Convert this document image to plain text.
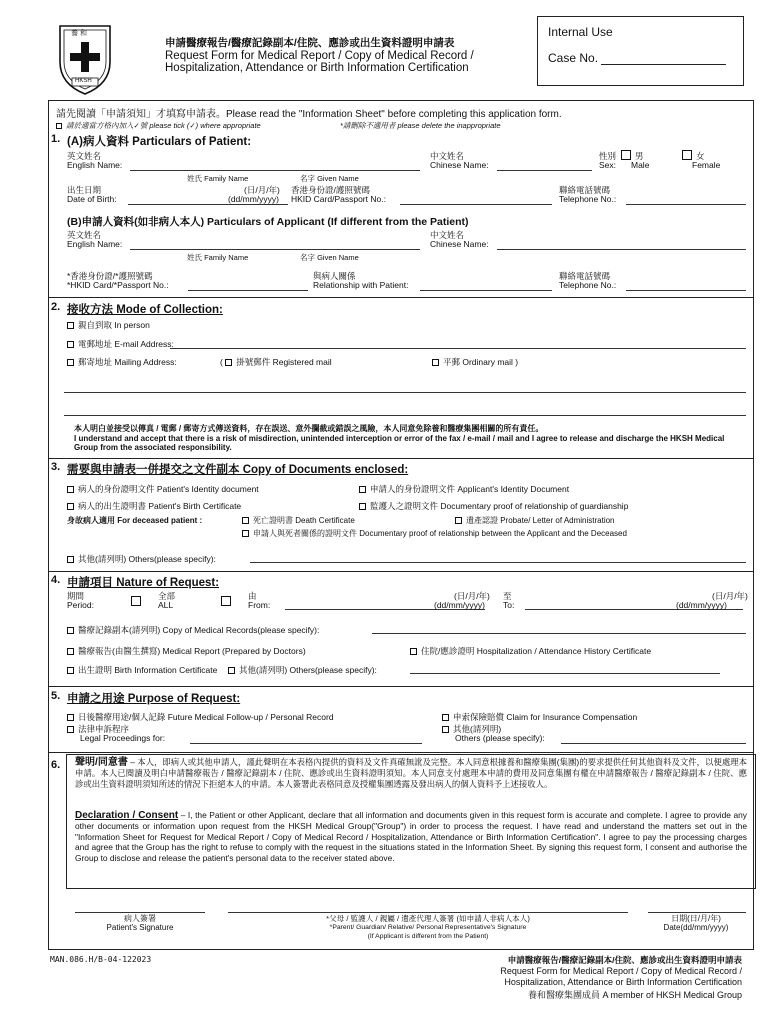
養 和
HKSH
申請醫療報告/醫療記錄副本/住院、應診或出生資料證明申請表
Request Form for Medical Report / Copy of Medical Record / Hospitalization, Attendance or Birth Information Certification
Internal Use
Case No.
請先閱讀「申請須知」才填寫申請表。Please read the "Information Sheet" before completing this application form.
請於適當方格內加入✓號 please tick (✓) where appropriate	*請刪除不適用者 please delete the inappropriate
1. (A)病人資料 Particulars of Patient:
英文姓名
English Name:
姓氏 Family Name	名字 Given Name
中文姓名
Chinese Name:
性別
Sex:
男
Male
女
Female
出生日期
Date of Birth:
(日/月/年)
(dd/mm/yyyy)
香港身份證/護照號碼
HKID Card/Passport No.:
聯絡電話號碼
Telephone No.:
(B)申請人資料(如非病人本人) Particulars of Applicant (If different from the Patient)
英文姓名
English Name:
姓氏 Family Name	名字 Given Name
中文姓名
Chinese Name:
*香港身份證/*護照號碼
*HKID Card/*Passport No.:
與病人關係
Relationship with Patient:
聯絡電話號碼
Telephone No.:
2. 接收方法 Mode of Collection:
親自到取 In person
電郵地址 E-mail Address:
郵寄地址 Mailing Address:	( 掛號郵件 Registered mail	平郵 Ordinary mail )
本人明白並接受以傳真 / 電郵 / 郵寄方式傳送資料，存在誤送、意外攔截或錯誤之風險，本人同意免除養和醫療集團相關的所有責任。
I understand and accept that there is a risk of misdirection, unintended interception or error of the fax / e-mail / mail and I agree to release and discharge the HKSH Medical Group from the associated responsibility.
3. 需要與申請表一併提交之文件副本 Copy of Documents enclosed:
病人的身份證明文件 Patient's Identity document	申請人的身份證明文件 Applicant's Identity Document
病人的出生證明書 Patient's Birth Certificate	監護人之證明文件 Documentary proof of relationship of guardianship
身故病人適用 For deceased patient :	死亡證明書 Death Certificate	遺產認證 Probate/ Letter of Administration
申請人與死者關係的證明文件 Documentary proof of relationship between the Applicant and the Deceased
其他(請列明) Others(please specify):
4. 申請項目 Nature of Request:
期間
Period:
全部
ALL
由
From:
(日/月/年)
(dd/mm/yyyy)
至
To:
(日/月/年)
(dd/mm/yyyy)
醫療記錄副本(請列明) Copy of Medical Records(please specify):
醫療報告(由醫生撰寫) Medical Report (Prepared by Doctors)	住院/應診證明 Hospitalization / Attendance History Certificate
出生證明 Birth Information Certificate	其他(請列明) Others(please specify):
5. 申請之用途 Purpose of Request:
日後醫療用途/個人記錄 Future Medical Follow-up / Personal Record	申索保險賠償 Claim for Insurance Compensation
法律申訴程序
Legal Proceedings for:
其他(請列明)
Others (please specify):
6. 聲明/同意書 – 本人，即病人或其他申請人，謹此聲明在本表格內提供的資料及文件真確無訛及完整。本人同意根據養和醫療集團(集團)的要求提供任何其他資料及文件，以便處理本申請。本人已閱讀及明白申請醫療報告 / 醫療記錄副本 / 住院、應診或出生資料證明須知。本人同意支付處理本申請的費用及同意集團有權在申請醫療報告 / 醫療記錄副本 / 住院、應診或出生資料證明須知所述的情況下拒絕本人的申請。本人簽署此表格同意及授權集團透露及發出病人的個人資料予上述接收人。
Declaration / Consent – I, the Patient or other Applicant, declare that all information and documents given in this request form is accurate and complete. I agree to provide any other documents or information upon request from the HKSH Medical Group("Group") in order to process the request. I have read and understand the matters set out in the "Information Sheet for Request for Medical Report / Copy of Medical Record / Hospitalization, Attendance or Birth Information Certification". I agree to pay the processing charges and agree that the Group has the right to refuse to comply with the request in the situations stated in the Information Sheet. By signing this request form, I consent and authorise the Group to disclose and release the patient's personal data to the receiver stated above.
病人簽署
Patient's Signature
*父母 / 監護人 / 親屬 / 遺產代理人簽署 (如申請人非病人本人)
*Parent/ Guardian/ Relative/ Personal Representative's Signature
(If Applicant is different from the Patient)
日期(日/月/年)
Date(dd/mm/yyyy)
MAN.086.H/B-04-122023	申請醫療報告/醫療記錄副本/住院、應診或出生資料證明申請表
Request Form for Medical Report / Copy of Medical Record /
Hospitalization, Attendance or Birth Information Certification
養和醫療集團成員 A member of HKSH Medical Group
